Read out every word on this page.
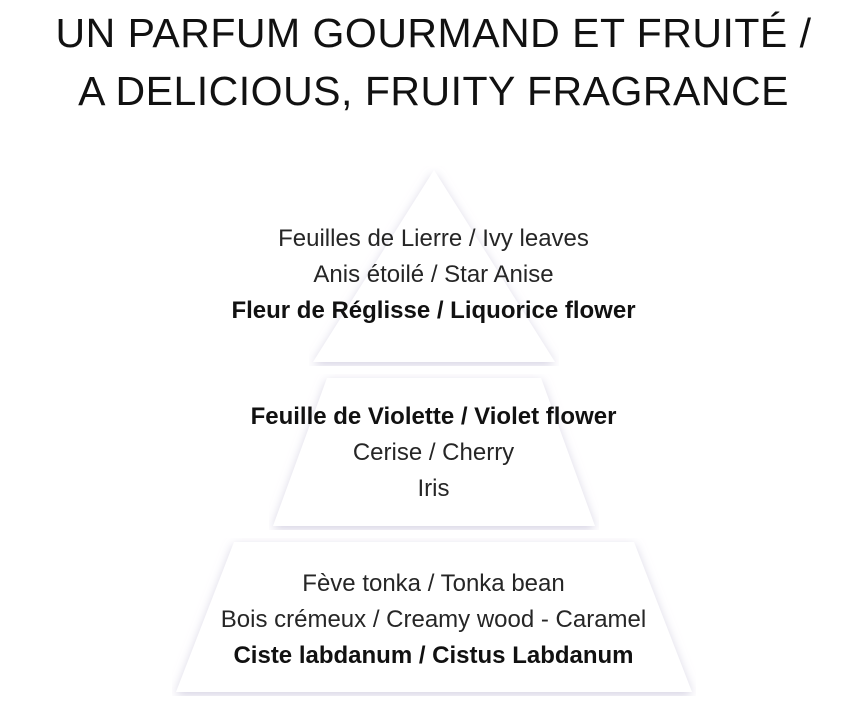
UN PARFUM GOURMAND ET FRUITÉ /
A DELICIOUS, FRUITY FRAGRANCE
Feuilles de Lierre / Ivy leaves
Anis étoilé / Star Anise
Fleur de Réglisse / Liquorice flower
Feuille de Violette / Violet flower
Cerise / Cherry
Iris
Fève tonka / Tonka bean
Bois crémeux / Creamy wood - Caramel
Ciste labdanum / Cistus Labdanum
